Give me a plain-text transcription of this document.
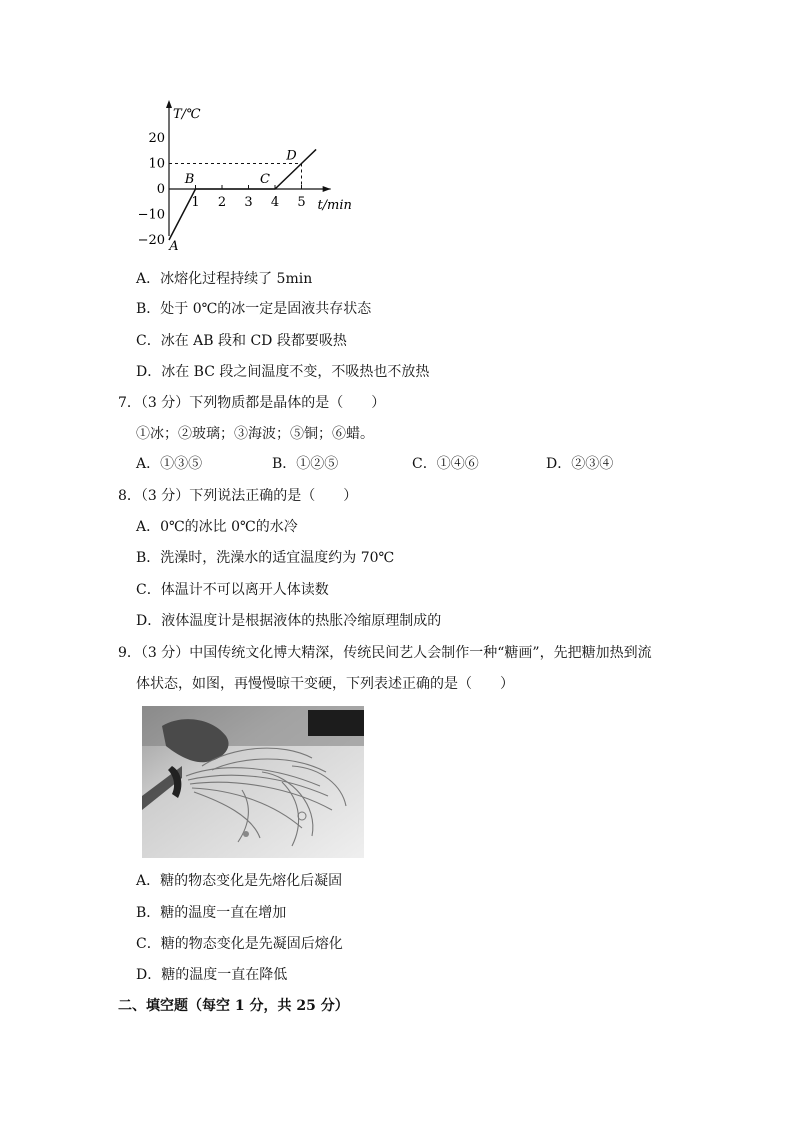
T/℃
t/min
20
10
0
−10
−20
1 2 3 4 5
A
B	C
D
A．冰熔化过程持续了 5min
B．处于 0℃的冰一定是固液共存状态
C．冰在 AB 段和 CD 段都要吸热
D．冰在 BC 段之间温度不变，不吸热也不放热
7．（3 分）下列物质都是晶体的是（　　）
①冰；②玻璃；③海波；⑤铜；⑥蜡。
A．①③⑤	B．①②⑤	C．①④⑥	D．②③④
8．（3 分）下列说法正确的是（　　）
A．0℃的冰比 0℃的水冷
B．洗澡时，洗澡水的适宜温度约为 70℃
C．体温计不可以离开人体读数
D．液体温度计是根据液体的热胀冷缩原理制成的
9．（3 分）中国传统文化博大精深，传统民间艺人会制作一种“糖画”，先把糖加热到流
体状态，如图，再慢慢晾干变硬，下列表述正确的是（　　）
A．糖的物态变化是先熔化后凝固
B．糖的温度一直在增加
C．糖的物态变化是先凝固后熔化
D．糖的温度一直在降低
二、填空题（每空 1 分，共 25 分）
